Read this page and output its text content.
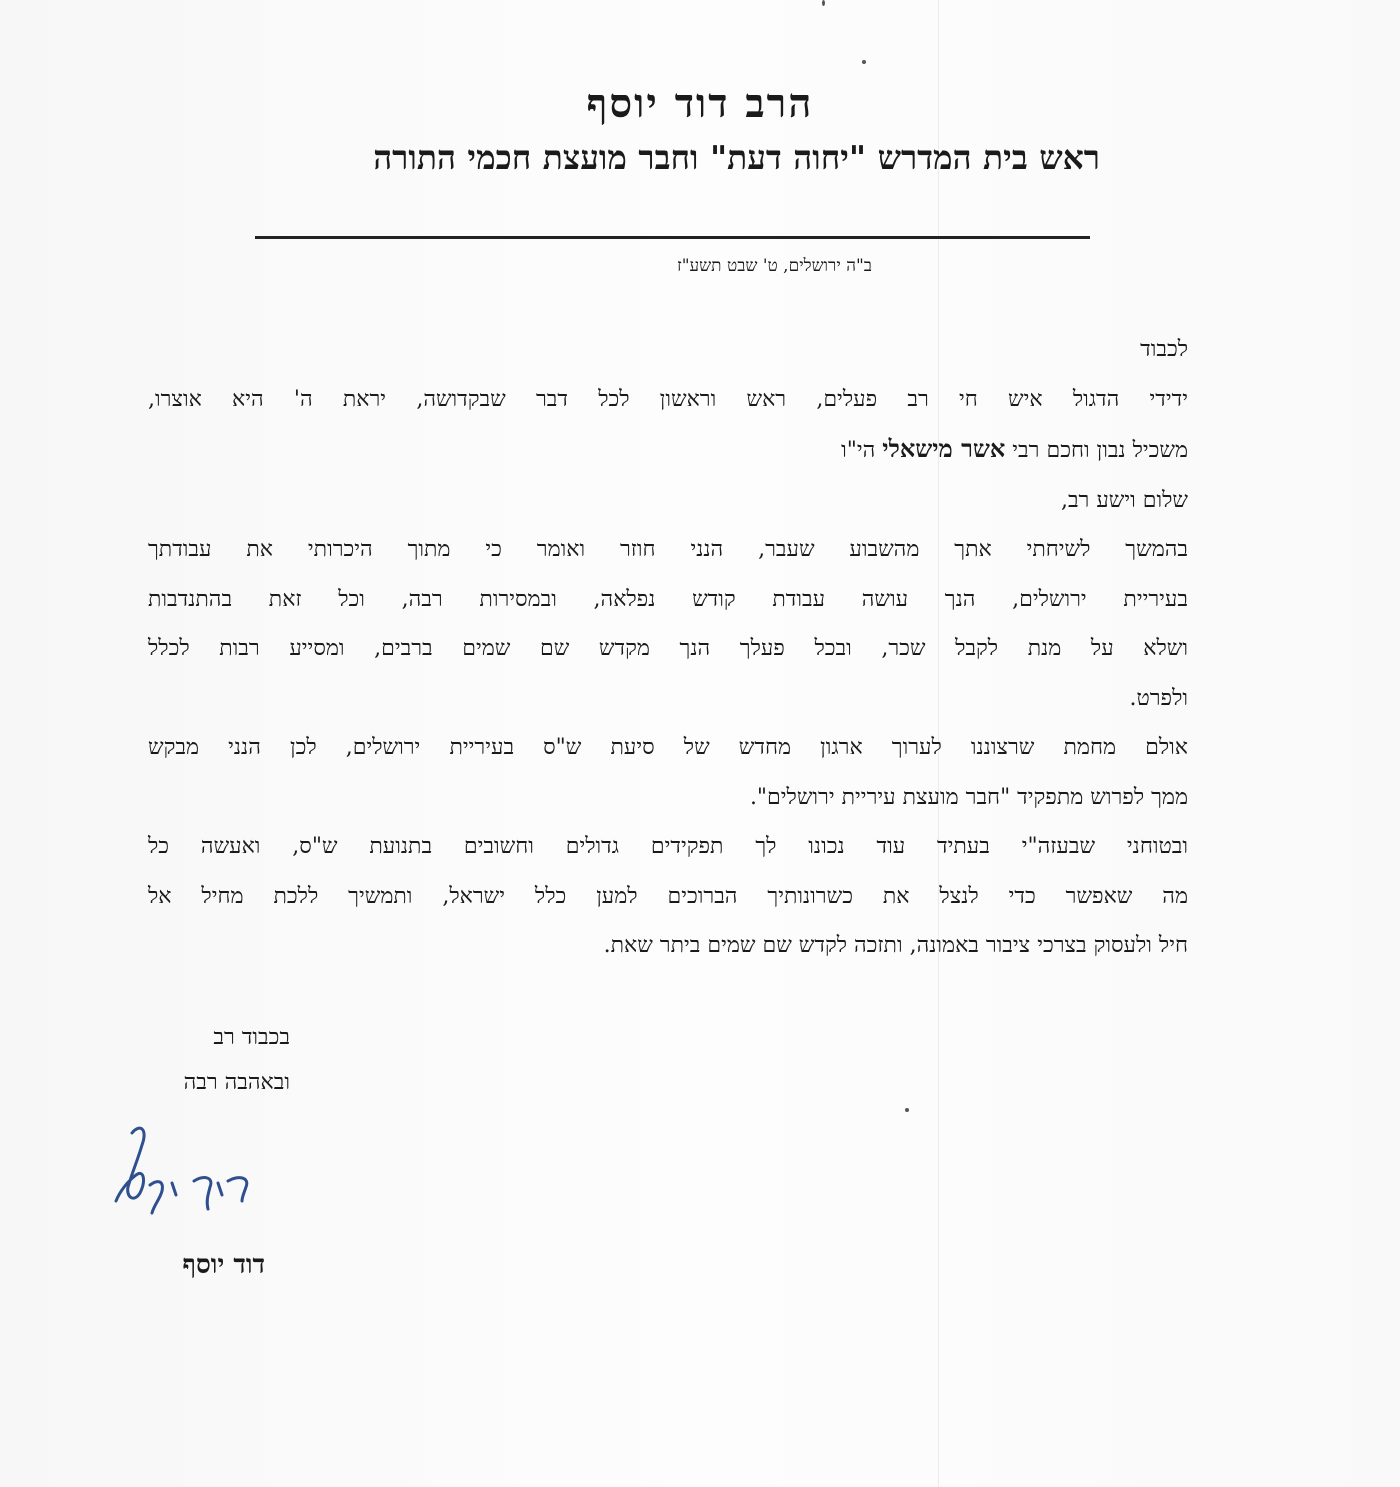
הרב דוד יוסף
ראש בית המדרש "יחוה דעת" וחבר מועצת חכמי התורה
ב"ה ירושלים, ט' שבט תשע"ז
לכבוד
ידידי הדגול איש חי רב פעלים, ראש וראשון לכל דבר שבקדושה, יראת ה' היא אוצרו,
משכיל נבון וחכם רבי אשר מישאלי הי"ו
שלום וישע רב,
בהמשך לשיחתי אתך מהשבוע שעבר, הנני חוזר ואומר כי מתוך היכרותי את עבודתך
בעיריית ירושלים, הנך עושה עבודת קודש נפלאה, ובמסירות רבה, וכל זאת בהתנדבות
ושלא על מנת לקבל שכר, ובכל פעלך הנך מקדש שם שמים ברבים, ומסייע רבות לכלל
ולפרט.
אולם מחמת שרצוננו לערוך ארגון מחדש של סיעת ש"ס בעיריית ירושלים, לכן הנני מבקש
ממך לפרוש מתפקיד "חבר מועצת עיריית ירושלים".
ובטוחני שבעזה"י בעתיד עוד נכונו לך תפקידים גדולים וחשובים בתנועת ש"ס, ואעשה כל
מה שאפשר כדי לנצל את כשרונותיך הברוכים למען כלל ישראל, ותמשיך ללכת מחיל אל
חיל ולעסוק בצרכי ציבור באמונה, ותזכה לקדש שם שמים ביתר שאת.
בכבוד רב
ובאהבה רבה
דוד יוסף
